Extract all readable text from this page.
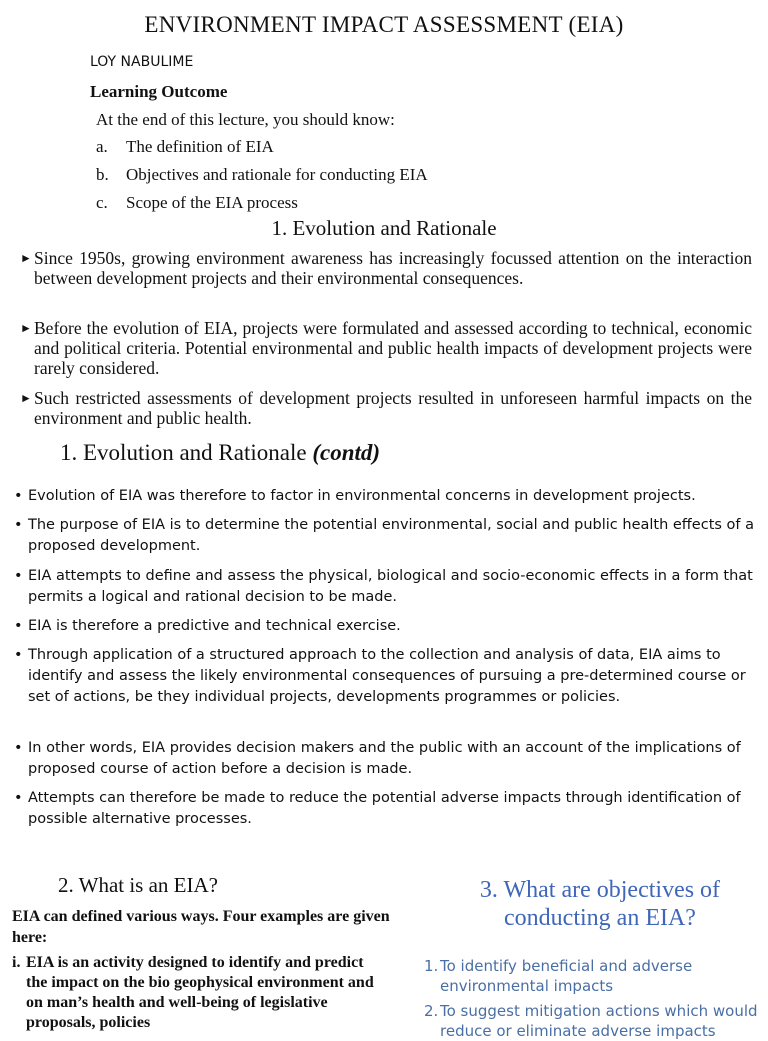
ENVIRONMENT IMPACT ASSESSMENT (EIA)
LOY NABULIME
Learning Outcome
At the end of this lecture, you should know:
a. The definition of EIA
b. Objectives and rationale for conducting EIA
c. Scope of the EIA process
1. Evolution and Rationale
► Since 1950s, growing environment awareness has increasingly focussed attention on the interaction between development projects and their environmental consequences.
► Before the evolution of EIA, projects were formulated and assessed according to technical, economic and political criteria. Potential environmental and public health impacts of development projects were rarely considered.
► Such restricted assessments of development projects resulted in unforeseen harmful impacts on the environment and public health.
1. Evolution and Rationale (contd)
• Evolution of EIA was therefore to factor in environmental concerns in development projects.
• The purpose of EIA is to determine the potential environmental, social and public health effects of a proposed development.
• EIA attempts to define and assess the physical, biological and socio-economic effects in a form that permits a logical and rational decision to be made.
• EIA is therefore a predictive and technical exercise.
• Through application of a structured approach to the collection and analysis of data, EIA aims to identify and assess the likely environmental consequences of pursuing a pre-determined course or set of actions, be they individual projects, developments programmes or policies.
• In other words, EIA provides decision makers and the public with an account of the implications of proposed course of action before a decision is made.
• Attempts can therefore be made to reduce the potential adverse impacts through identification of possible alternative processes.
2. What is an EIA?
EIA can defined various ways. Four examples are given here:
i. EIA is an activity designed to identify and predict the impact on the bio geophysical environment and on man’s health and well-being of legislative proposals, policies
3. What are objectives of conducting an EIA?
1. To identify beneficial and adverse environmental impacts
2. To suggest mitigation actions which would reduce or eliminate adverse impacts
